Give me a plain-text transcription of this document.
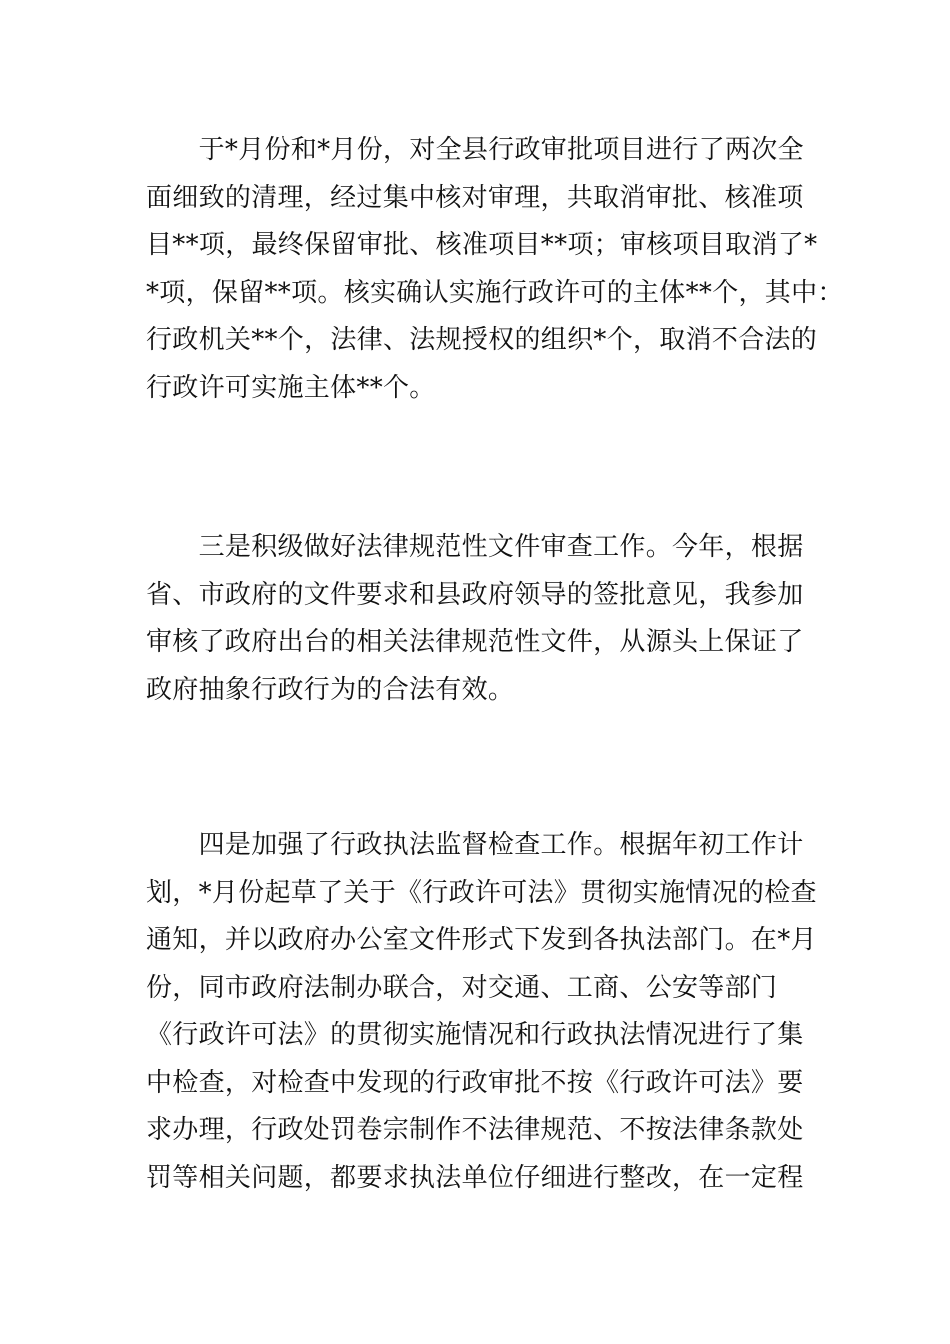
　　于*月份和*月份，对全县行政审批项目进行了两次全
面细致的清理，经过集中核对审理，共取消审批、核准项
目**项，最终保留审批、核准项目**项；审核项目取消了*
*项，保留**项。核实确认实施行政许可的主体**个，其中：
行政机关**个，法律、法规授权的组织*个，取消不合法的
行政许可实施主体**个。
　　三是积级做好法律规范性文件审查工作。今年，根据
省、市政府的文件要求和县政府领导的签批意见，我参加
审核了政府出台的相关法律规范性文件，从源头上保证了
政府抽象行政行为的合法有效。
　　四是加强了行政执法监督检查工作。根据年初工作计
划，*月份起草了关于《行政许可法》贯彻实施情况的检查
通知，并以政府办公室文件形式下发到各执法部门。在*月
份，同市政府法制办联合，对交通、工商、公安等部门
《行政许可法》的贯彻实施情况和行政执法情况进行了集
中检查，对检查中发现的行政审批不按《行政许可法》要
求办理，行政处罚卷宗制作不法律规范、不按法律条款处
罚等相关问题，都要求执法单位仔细进行整改，在一定程
